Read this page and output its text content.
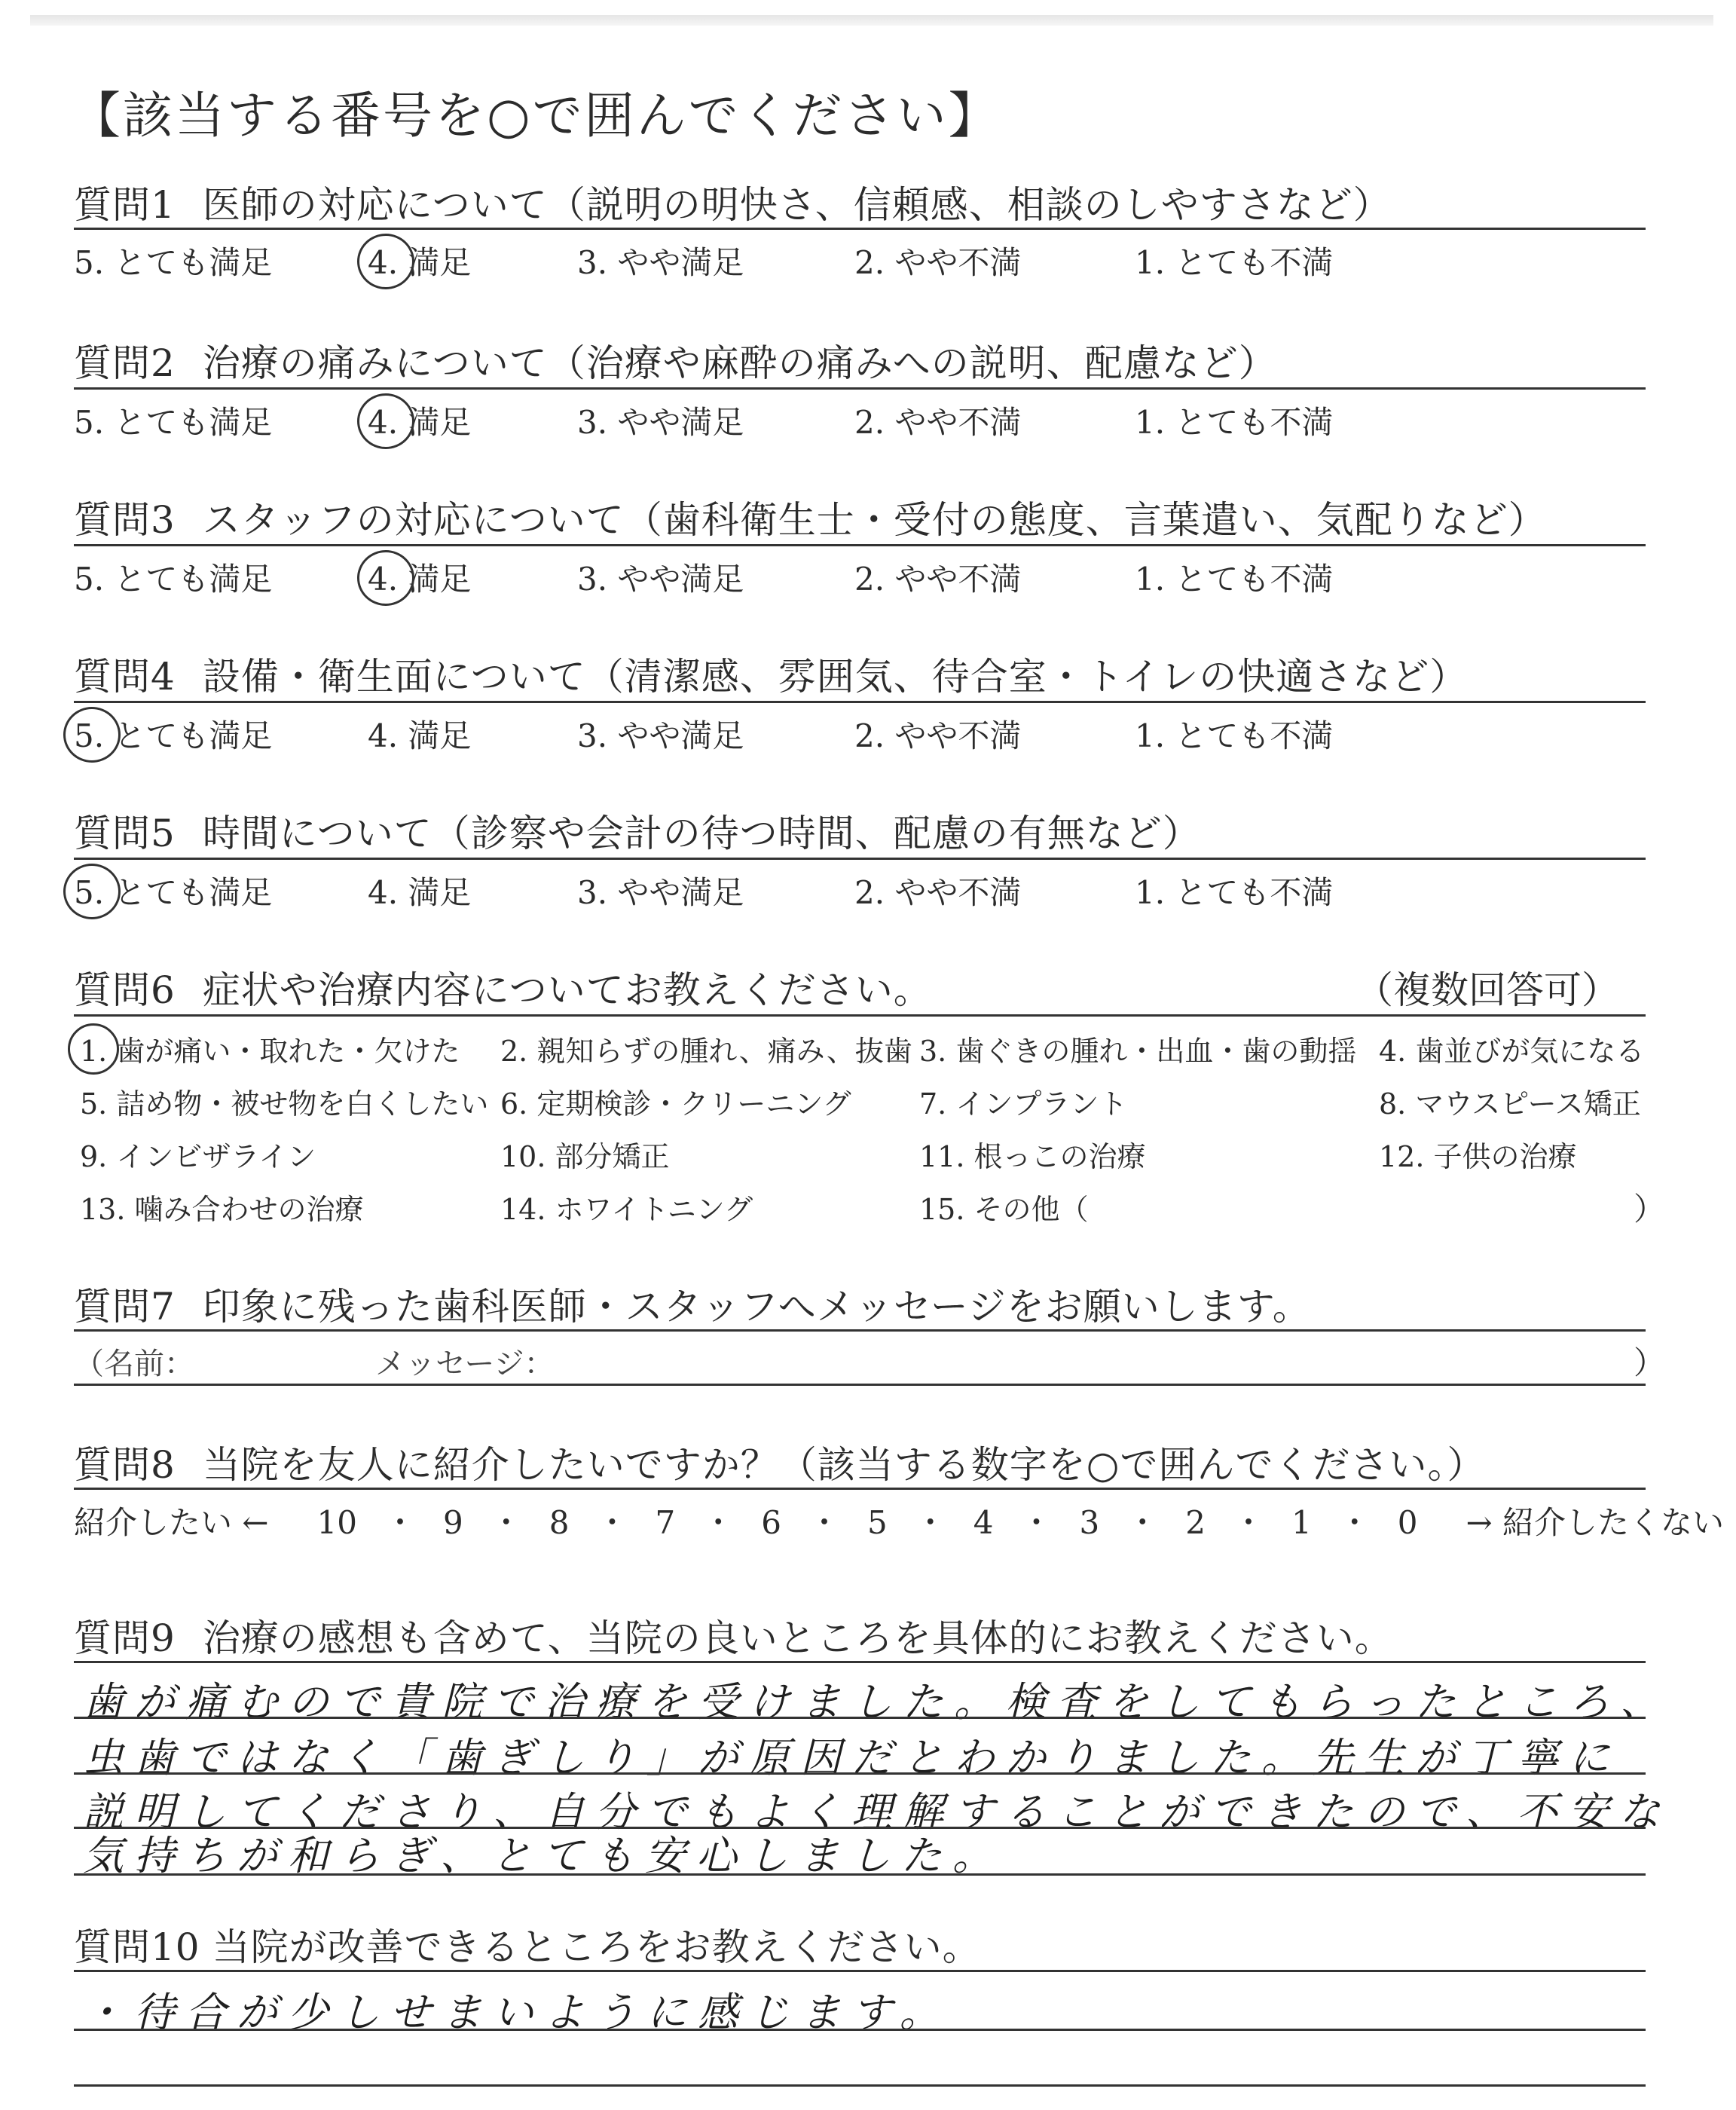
【該当する番号を○で囲んでください】
質問1 医師の対応について（説明の明快さ、信頼感、相談のしやすさなど）
5. とても満足	4. 満足	3. やや満足	2. やや不満	1. とても不満
質問2 治療の痛みについて（治療や麻酔の痛みへの説明、配慮など）
5. とても満足	4. 満足	3. やや満足	2. やや不満	1. とても不満
質問3 スタッフの対応について（歯科衛生士・受付の態度、言葉遣い、気配りなど）
5. とても満足	4. 満足	3. やや満足	2. やや不満	1. とても不満
質問4 設備・衛生面について（清潔感、雰囲気、待合室・トイレの快適さなど）
5. とても満足	4. 満足	3. やや満足	2. やや不満	1. とても不満
質問5 時間について（診察や会計の待つ時間、配慮の有無など）
5. とても満足	4. 満足	3. やや満足	2. やや不満	1. とても不満
質問6 症状や治療内容についてお教えください。	（複数回答可）
1. 歯が痛い・取れた・欠けた 2. 親知らずの腫れ、痛み、抜歯 3. 歯ぐきの腫れ・出血・歯の動揺 4. 歯並びが気になる
5. 詰め物・被せ物を白くしたい 6. 定期検診・クリーニング 7. インプラント	8. マウスピース矯正
9. インビザライン	10. 部分矯正	11. 根っこの治療	12. 子供の治療
13. 噛み合わせの治療	14. ホワイトニング	15. その他（	）
質問7 印象に残った歯科医師・スタッフへメッセージをお願いします。
（名前：	メッセージ：	）
質問8 当院を友人に紹介したいですか？（該当する数字を○で囲んでください。）
紹介したい ← 10 ・ 9 ・ 8 ・ 7 ・ 6 ・ 5 ・ 4 ・ 3 ・ 2 ・ 1 ・ 0 → 紹介したくない
質問9 治療の感想も含めて、当院の良いところを具体的にお教えください。
歯が痛むので貴院で治療を受けました。検査をしてもらったところ、
虫歯ではなく「歯ぎしり」が原因だとわかりました。先生が丁寧に
説明してくださり、自分でもよく理解することができたので、不安な
気持ちが和らぎ、とても安心しました。
質問10 当院が改善できるところをお教えください。
・待合が少しせまいように感じます。
